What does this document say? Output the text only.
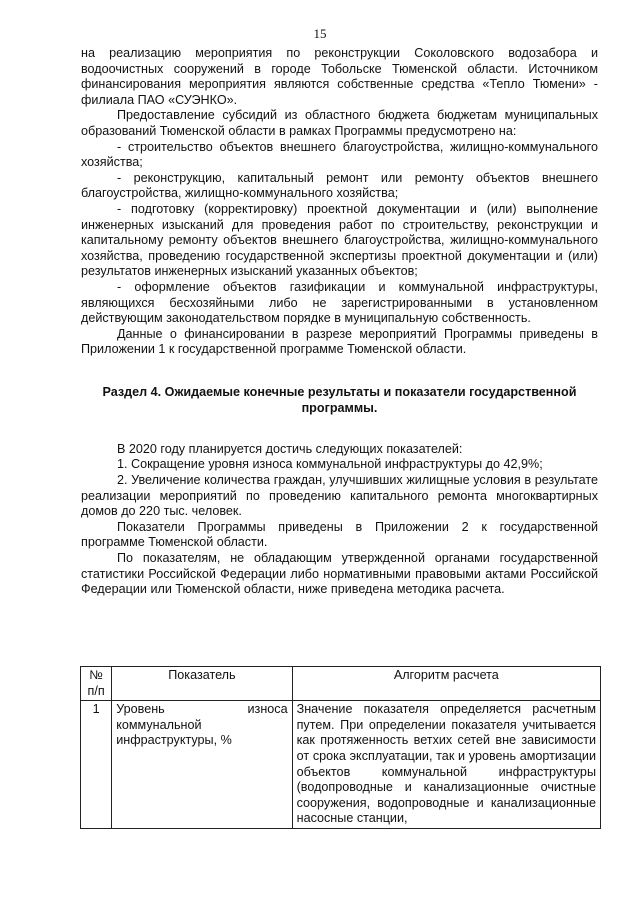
15

на реализацию мероприятия по реконструкции Соколовского водозабора и водоочистных сооружений в городе Тобольске Тюменской области. Источником финансирования мероприятия являются собственные средства «Тепло Тюмени» - филиала ПАО «СУЭНКО».

Предоставление субсидий из областного бюджета бюджетам муниципальных образований Тюменской области в рамках Программы предусмотрено на:

- строительство объектов внешнего благоустройства, жилищно-коммунального хозяйства;

- реконструкцию, капитальный ремонт или ремонту объектов внешнего благоустройства, жилищно-коммунального хозяйства;

- подготовку (корректировку) проектной документации и (или) выполнение инженерных изысканий для проведения работ по строительству, реконструкции и капитальному ремонту объектов внешнего благоустройства, жилищно-коммунального хозяйства, проведению государственной экспертизы проектной документации и (или) результатов инженерных изысканий указанных объектов;

- оформление объектов газификации и коммунальной инфраструктуры, являющихся бесхозяйными либо не зарегистрированными в установленном действующим законодательством порядке в муниципальную собственность.

Данные о финансировании в разрезе мероприятий Программы приведены в Приложении 1 к государственной программе Тюменской области.

Раздел 4. Ожидаемые конечные результаты и показатели государственной программы.

В 2020 году планируется достичь следующих показателей:

1. Сокращение уровня износа коммунальной инфраструктуры до 42,9%;

2. Увеличение количества граждан, улучшивших жилищные условия в результате реализации мероприятий по проведению капитального ремонта многоквартирных домов до 220 тыс. человек.

Показатели Программы приведены в Приложении 2 к государственной программе Тюменской области.

По показателям, не обладающим утвержденной органами государственной статистики Российской Федерации либо нормативными правовыми актами Российской Федерации или Тюменской области, ниже приведена методика расчета.

№ п/п	Показатель	Алгоритм расчета
1	Уровень износа коммунальной инфраструктуры, %	Значение показателя определяется расчетным путем. При определении показателя учитывается как протяженность ветхих сетей вне зависимости от срока эксплуатации, так и уровень амортизации объектов коммунальной инфраструктуры (водопроводные и канализационные очистные сооружения, водопроводные и канализационные насосные станции,
